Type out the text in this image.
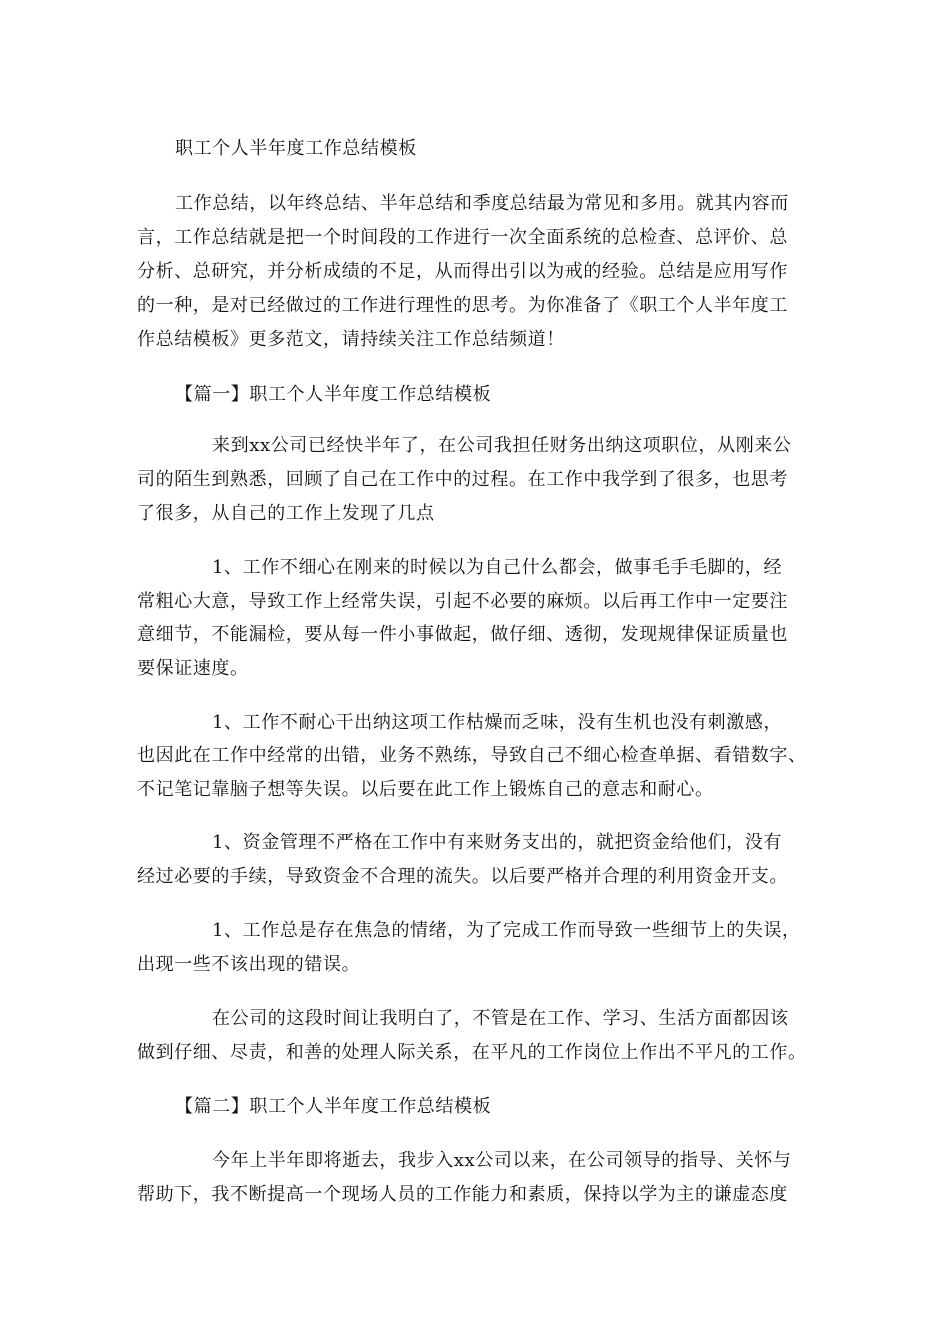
职工个人半年度工作总结模板
工作总结，以年终总结、半年总结和季度总结最为常见和多用。就其内容而
言，工作总结就是把一个时间段的工作进行一次全面系统的总检查、总评价、总
分析、总研究，并分析成绩的不足，从而得出引以为戒的经验。总结是应用写作
的一种，是对已经做过的工作进行理性的思考。为你准备了《职工个人半年度工
作总结模板》更多范文，请持续关注工作总结频道！
【篇一】职工个人半年度工作总结模板
来到xx公司已经快半年了，在公司我担任财务出纳这项职位，从刚来公
司的陌生到熟悉，回顾了自己在工作中的过程。在工作中我学到了很多，也思考
了很多，从自己的工作上发现了几点
1、工作不细心在刚来的时候以为自己什么都会，做事毛手毛脚的，经
常粗心大意，导致工作上经常失误，引起不必要的麻烦。以后再工作中一定要注
意细节，不能漏检，要从每一件小事做起，做仔细、透彻，发现规律保证质量也
要保证速度。
1、工作不耐心干出纳这项工作枯燥而乏味，没有生机也没有刺激感，
也因此在工作中经常的出错，业务不熟练，导致自己不细心检查单据、看错数字、
不记笔记靠脑子想等失误。以后要在此工作上锻炼自己的意志和耐心。
1、资金管理不严格在工作中有来财务支出的，就把资金给他们，没有
经过必要的手续，导致资金不合理的流失。以后要严格并合理的利用资金开支。
1、工作总是存在焦急的情绪，为了完成工作而导致一些细节上的失误，
出现一些不该出现的错误。
在公司的这段时间让我明白了，不管是在工作、学习、生活方面都因该
做到仔细、尽责，和善的处理人际关系，在平凡的工作岗位上作出不平凡的工作。
【篇二】职工个人半年度工作总结模板
今年上半年即将逝去，我步入xx公司以来，在公司领导的指导、关怀与
帮助下，我不断提高一个现场人员的工作能力和素质，保持以学为主的谦虚态度
